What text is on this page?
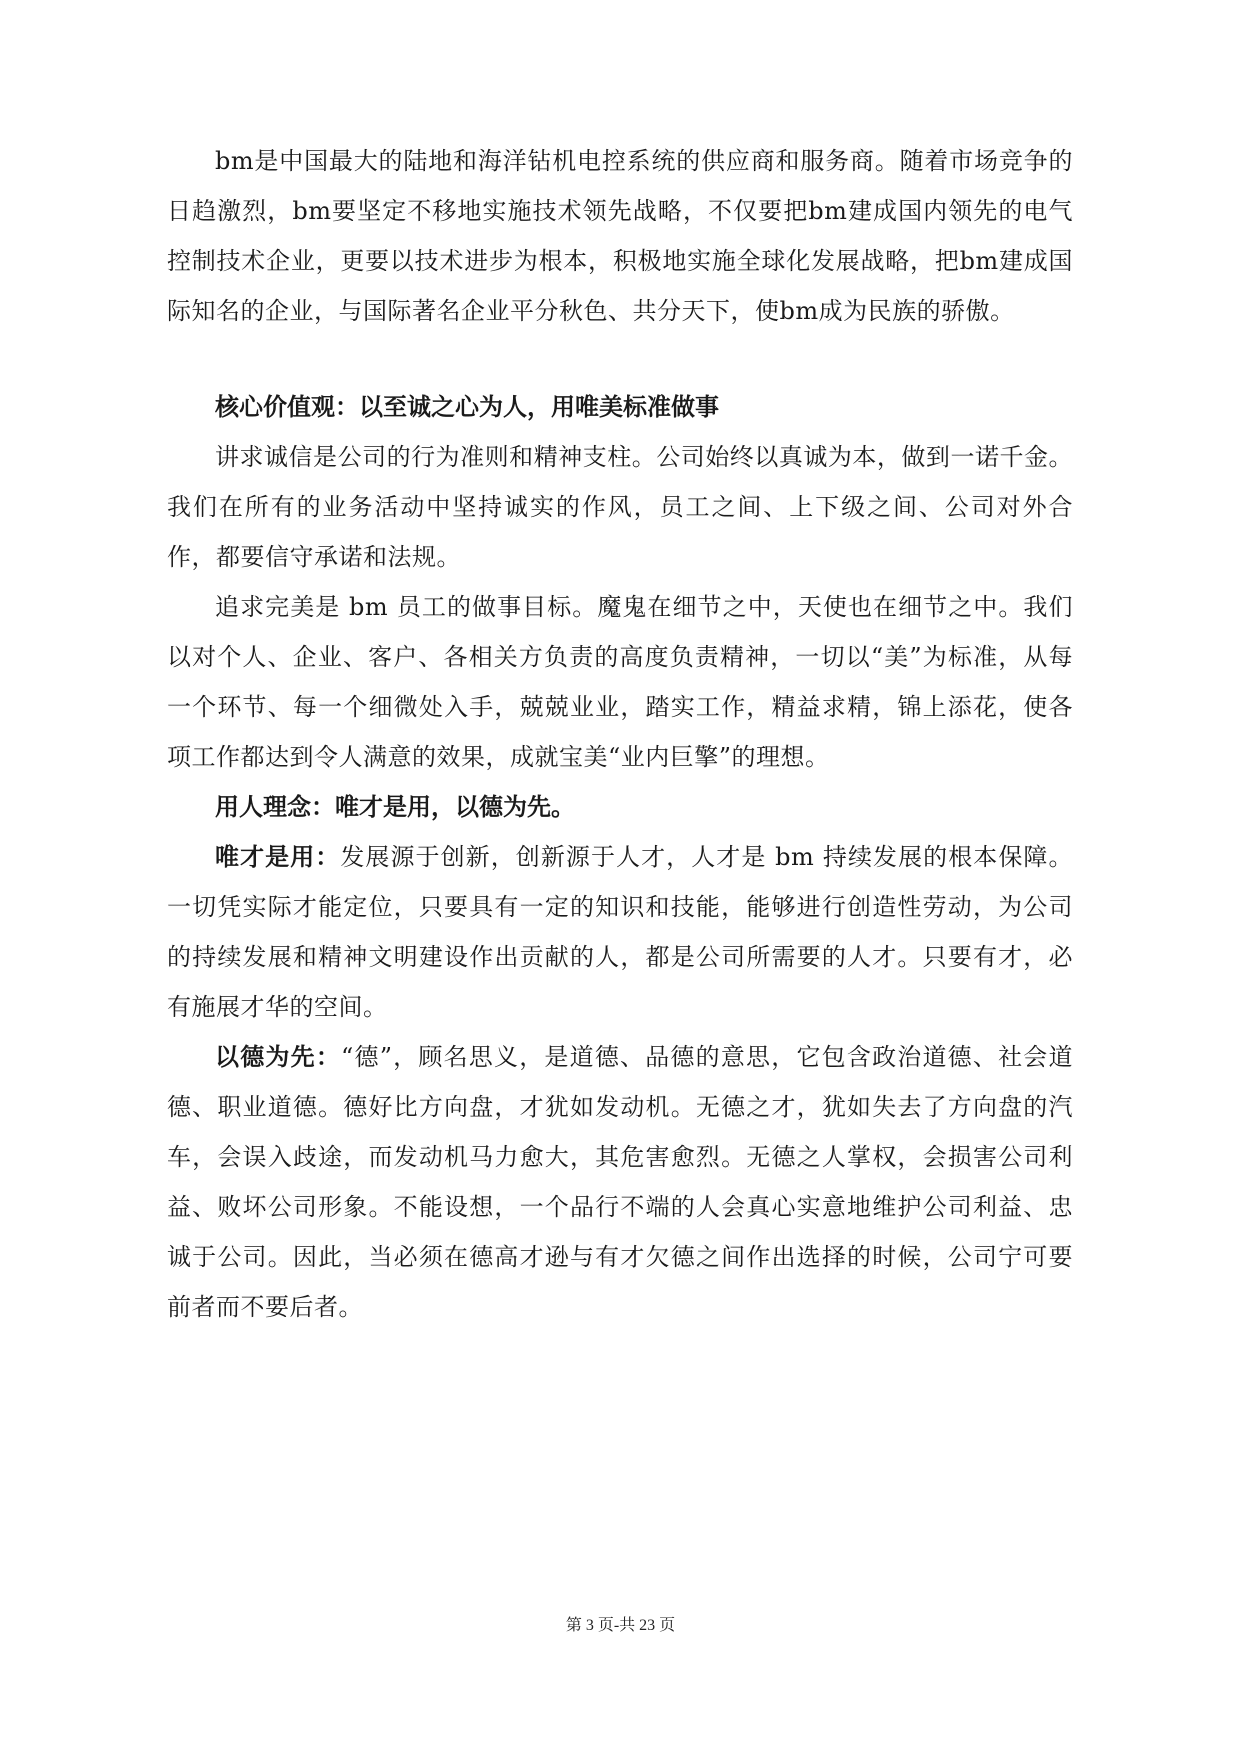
bm是中国最大的陆地和海洋钻机电控系统的供应商和服务商。随着市场竞争的日趋激烈，bm要坚定不移地实施技术领先战略，不仅要把bm建成国内领先的电气控制技术企业，更要以技术进步为根本，积极地实施全球化发展战略，把bm建成国际知名的企业，与国际著名企业平分秋色、共分天下，使bm成为民族的骄傲。

核心价值观：以至诚之心为人，用唯美标准做事

讲求诚信是公司的行为准则和精神支柱。公司始终以真诚为本，做到一诺千金。我们在所有的业务活动中坚持诚实的作风，员工之间、上下级之间、公司对外合作，都要信守承诺和法规。

追求完美是 bm 员工的做事目标。魔鬼在细节之中，天使也在细节之中。我们以对个人、企业、客户、各相关方负责的高度负责精神，一切以“美”为标准，从每一个环节、每一个细微处入手，兢兢业业，踏实工作，精益求精，锦上添花，使各项工作都达到令人满意的效果，成就宝美“业内巨擎”的理想。

用人理念：唯才是用，以德为先。

唯才是用：发展源于创新，创新源于人才，人才是 bm 持续发展的根本保障。一切凭实际才能定位，只要具有一定的知识和技能，能够进行创造性劳动，为公司的持续发展和精神文明建设作出贡献的人，都是公司所需要的人才。只要有才，必有施展才华的空间。

以德为先：“德”，顾名思义，是道德、品德的意思，它包含政治道德、社会道德、职业道德。德好比方向盘，才犹如发动机。无德之才，犹如失去了方向盘的汽车，会误入歧途，而发动机马力愈大，其危害愈烈。无德之人掌权，会损害公司利益、败坏公司形象。不能设想，一个品行不端的人会真心实意地维护公司利益、忠诚于公司。因此，当必须在德高才逊与有才欠德之间作出选择的时候，公司宁可要前者而不要后者。

第 3 页-共 23 页
